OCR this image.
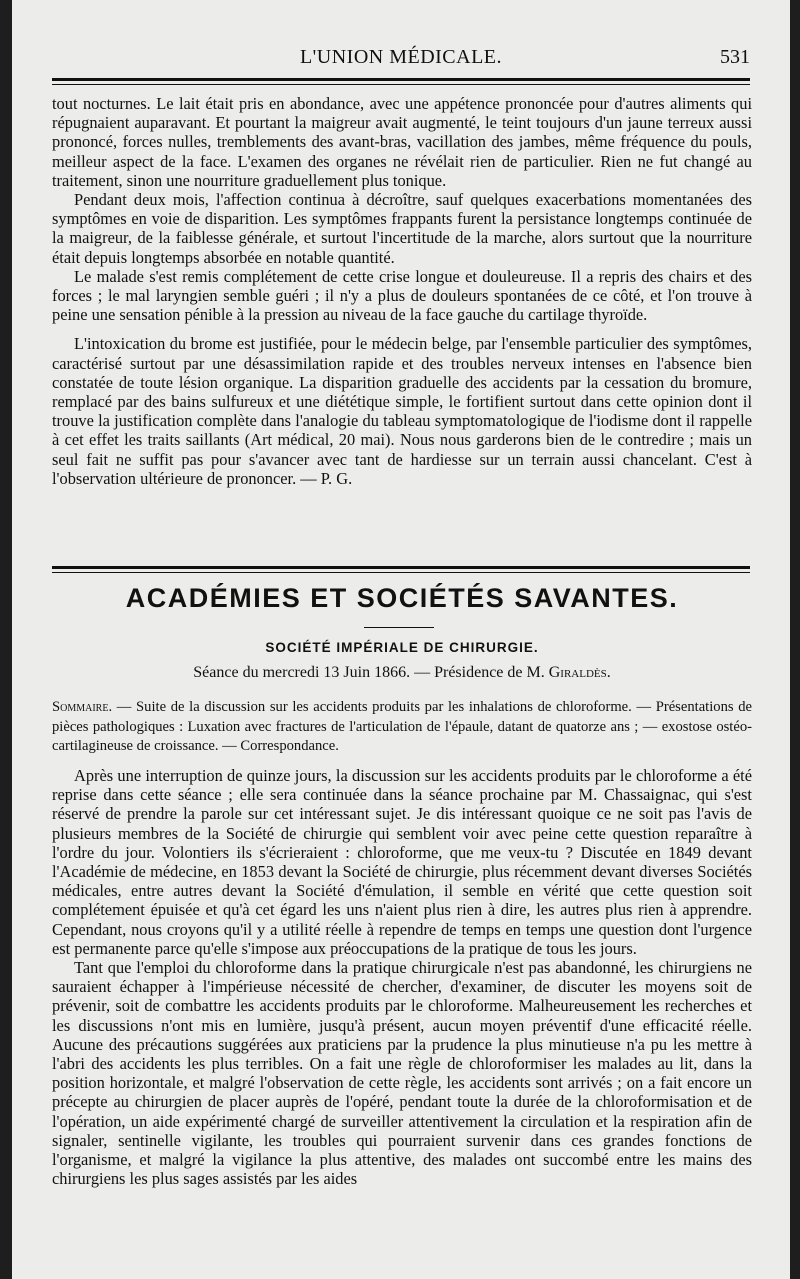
L'UNION MÉDICALE.	531

tout nocturnes. Le lait était pris en abondance, avec une appétence prononcée pour d'autres aliments qui répugnaient auparavant. Et pourtant la maigreur avait augmenté, le teint toujours d'un jaune terreux aussi prononcé, forces nulles, tremblements des avant-bras, vacillation des jambes, même fréquence du pouls, meilleur aspect de la face. L'examen des organes ne révélait rien de particulier. Rien ne fut changé au traitement, sinon une nourriture graduellement plus tonique.

Pendant deux mois, l'affection continua à décroître, sauf quelques exacerbations momentanées des symptômes en voie de disparition. Les symptômes frappants furent la persistance longtemps continuée de la maigreur, de la faiblesse générale, et surtout l'incertitude de la marche, alors surtout que la nourriture était depuis longtemps absorbée en notable quantité.

Le malade s'est remis complétement de cette crise longue et douleureuse. Il a repris des chairs et des forces ; le mal laryngien semble guéri ; il n'y a plus de douleurs spontanées de ce côté, et l'on trouve à peine une sensation pénible à la pression au niveau de la face gauche du cartilage thyroïde.

L'intoxication du brome est justifiée, pour le médecin belge, par l'ensemble particulier des symptômes, caractérisé surtout par une désassimilation rapide et des troubles nerveux intenses en l'absence bien constatée de toute lésion organique. La disparition graduelle des accidents par la cessation du bromure, remplacé par des bains sulfureux et une diététique simple, le fortifient surtout dans cette opinion dont il trouve la justification complète dans l'analogie du tableau symptomatologique de l'iodisme dont il rappelle à cet effet les traits saillants (Art médical, 20 mai). Nous nous garderons bien de le contredire ; mais un seul fait ne suffit pas pour s'avancer avec tant de hardiesse sur un terrain aussi chancelant. C'est à l'observation ultérieure de prononcer. — P. G.

ACADÉMIES ET SOCIÉTÉS SAVANTES.
SOCIÉTÉ IMPÉRIALE DE CHIRURGIE.
Séance du mercredi 13 Juin 1866. — Présidence de M. Giraldès.

Sommaire. — Suite de la discussion sur les accidents produits par les inhalations de chloroforme. — Présentations de pièces pathologiques : Luxation avec fractures de l'articulation de l'épaule, datant de quatorze ans ; — exostose ostéo-cartilagineuse de croissance. — Correspondance.

Après une interruption de quinze jours, la discussion sur les accidents produits par le chloroforme a été reprise dans cette séance ; elle sera continuée dans la séance prochaine par M. Chassaignac, qui s'est réservé de prendre la parole sur cet intéressant sujet. Je dis intéressant quoique ce ne soit pas l'avis de plusieurs membres de la Société de chirurgie qui semblent voir avec peine cette question reparaître à l'ordre du jour. Volontiers ils s'écrieraient : chloroforme, que me veux-tu ? Discutée en 1849 devant l'Académie de médecine, en 1853 devant la Société de chirurgie, plus récemment devant diverses Sociétés médicales, entre autres devant la Société d'émulation, il semble en vérité que cette question soit complétement épuisée et qu'à cet égard les uns n'aient plus rien à dire, les autres plus rien à apprendre. Cependant, nous croyons qu'il y a utilité réelle à rependre de temps en temps une question dont l'urgence est permanente parce qu'elle s'impose aux préoccupations de la pratique de tous les jours.

Tant que l'emploi du chloroforme dans la pratique chirurgicale n'est pas abandonné, les chirurgiens ne sauraient échapper à l'impérieuse nécessité de chercher, d'examiner, de discuter les moyens soit de prévenir, soit de combattre les accidents produits par le chloroforme. Malheureusement les recherches et les discussions n'ont mis en lumière, jusqu'à présent, aucun moyen préventif d'une efficacité réelle. Aucune des précautions suggérées aux praticiens par la prudence la plus minutieuse n'a pu les mettre à l'abri des accidents les plus terribles. On a fait une règle de chloroformiser les malades au lit, dans la position horizontale, et malgré l'observation de cette règle, les accidents sont arrivés ; on a fait encore un précepte au chirurgien de placer auprès de l'opéré, pendant toute la durée de la chloroformisation et de l'opération, un aide expérimenté chargé de surveiller attentivement la circulation et la respiration afin de signaler, sentinelle vigilante, les troubles qui pourraient survenir dans ces grandes fonctions de l'organisme, et malgré la vigilance la plus attentive, des malades ont succombé entre les mains des chirurgiens les plus sages assistés par les aides
